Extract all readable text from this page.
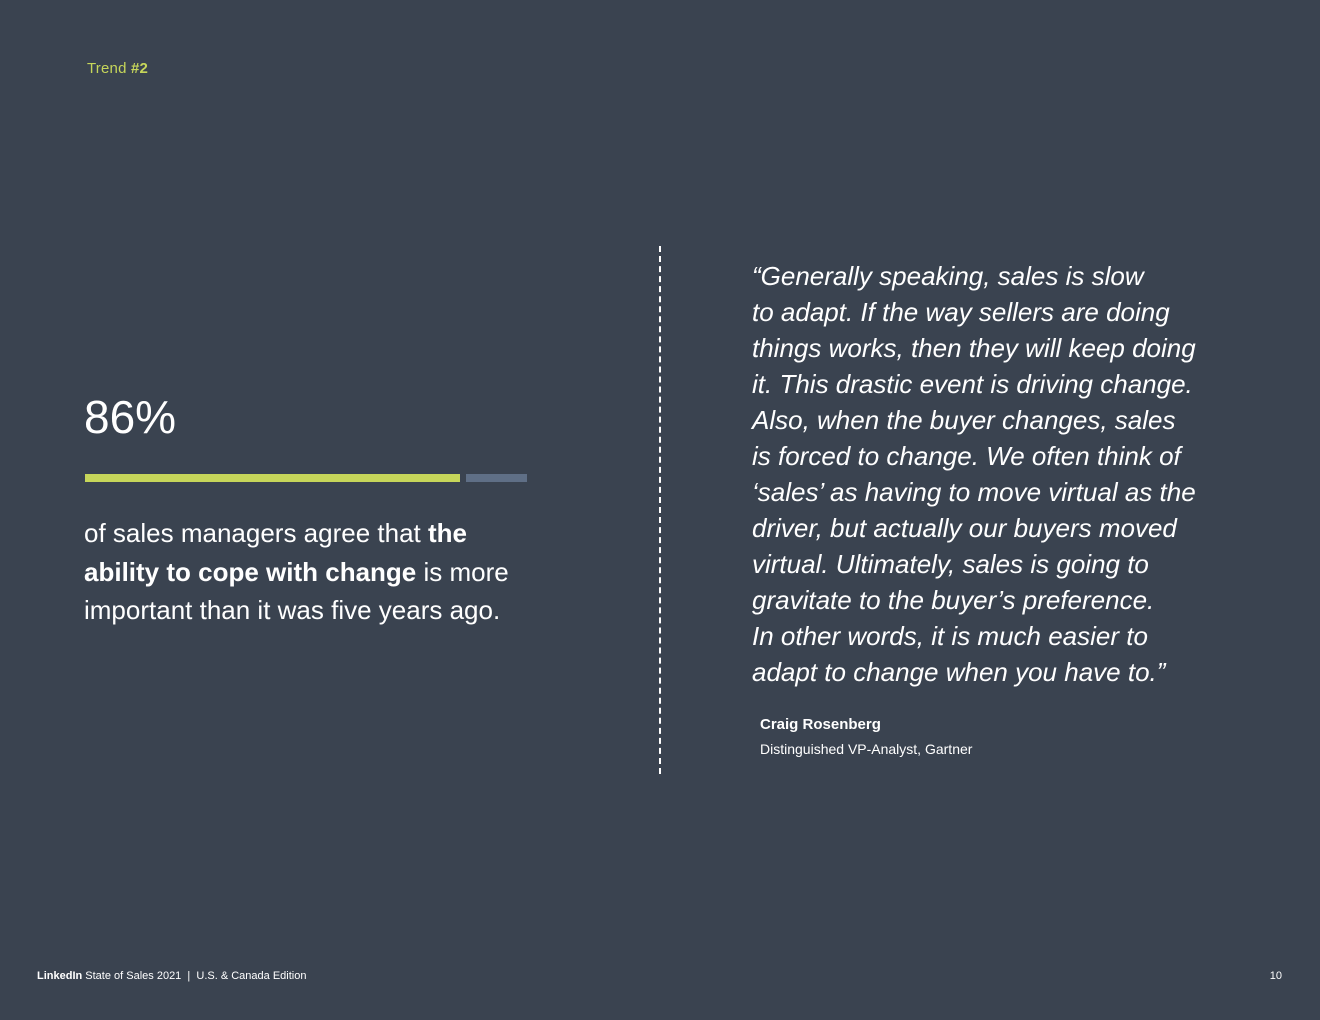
Trend #2
86%
of sales managers agree that the ability to cope with change is more important than it was five years ago.
“Generally speaking, sales is slow
to adapt. If the way sellers are doing
things works, then they will keep doing
it. This drastic event is driving change.
Also, when the buyer changes, sales
is forced to change. We often think of
‘sales’ as having to move virtual as the
driver, but actually our buyers moved
virtual. Ultimately, sales is going to
gravitate to the buyer’s preference.
In other words, it is much easier to
adapt to change when you have to.”
Craig Rosenberg
Distinguished VP-Analyst, Gartner
LinkedIn State of Sales 2021  |  U.S. & Canada Edition	10
